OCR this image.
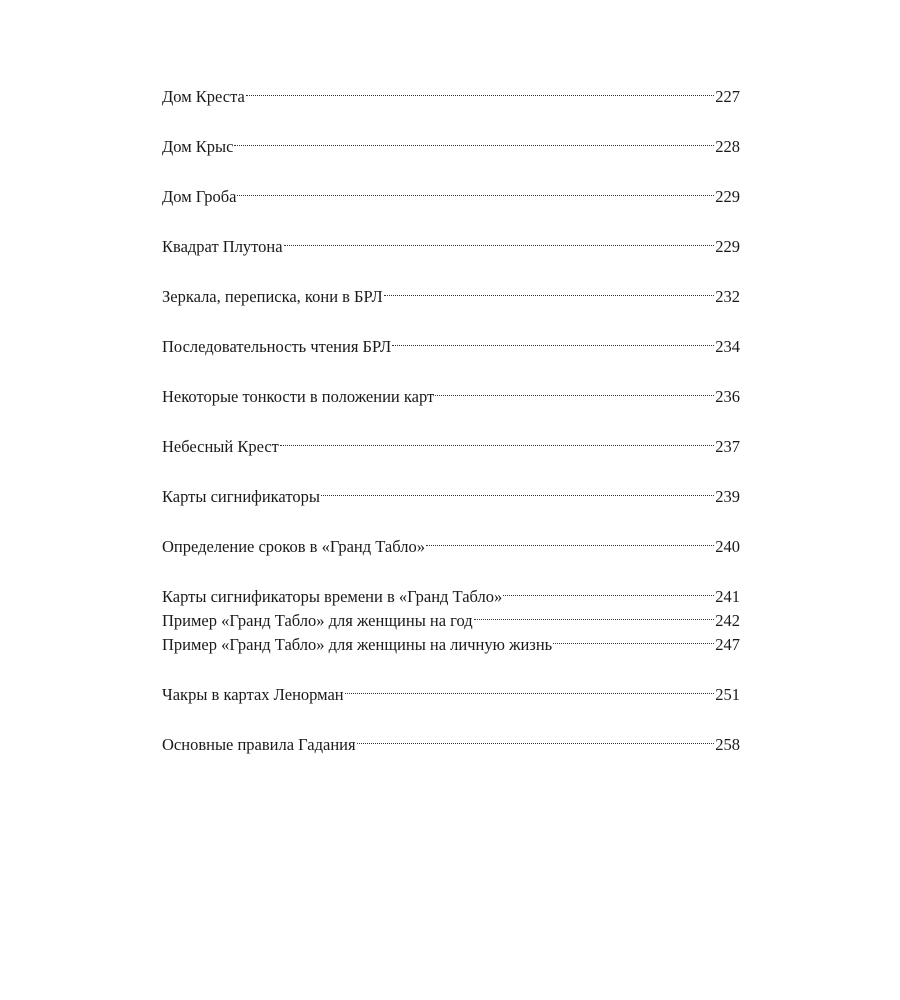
Дом Креста	227
Дом Крыс	228
Дом Гроба	229
Квадрат Плутона	229
Зеркала, переписка, кони в БРЛ	232
Последовательность чтения БРЛ	234
Некоторые тонкости в положении карт	236
Небесный Крест	237
Карты сигнификаторы	239
Определение сроков в «Гранд Табло»	240
Карты сигнификаторы времени в «Гранд Табло»	241
Пример «Гранд Табло» для женщины на год	242
Пример «Гранд Табло» для женщины на личную жизнь	247
Чакры в картах Ленорман	251
Основные правила Гадания	258
